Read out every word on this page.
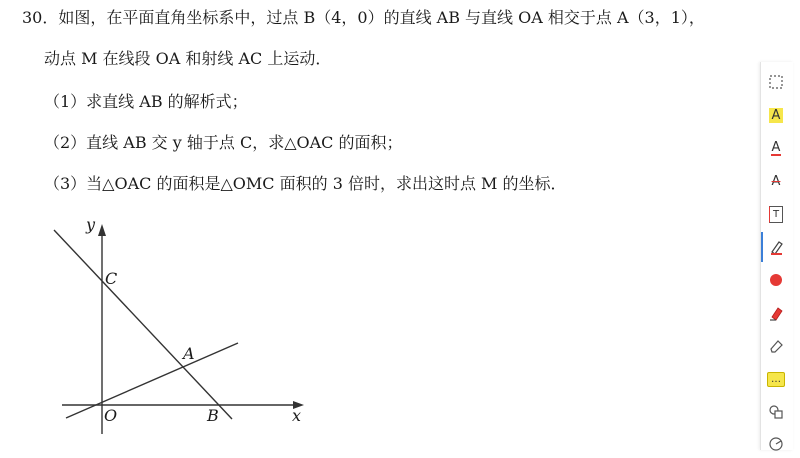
30．如图，在平面直角坐标系中，过点 B（4，0）的直线 AB 与直线 OA 相交于点 A（3，1），
动点 M 在线段 OA 和射线 AC 上运动．
（1）求直线 AB 的解析式；
（2）直线 AB 交 y 轴于点 C，求△OAC 的面积；
（3）当△OAC 的面积是△OMC 面积的 3 倍时，求出这时点 M 的坐标．
y
x
C
A
O	B
A
A
A
T
…
